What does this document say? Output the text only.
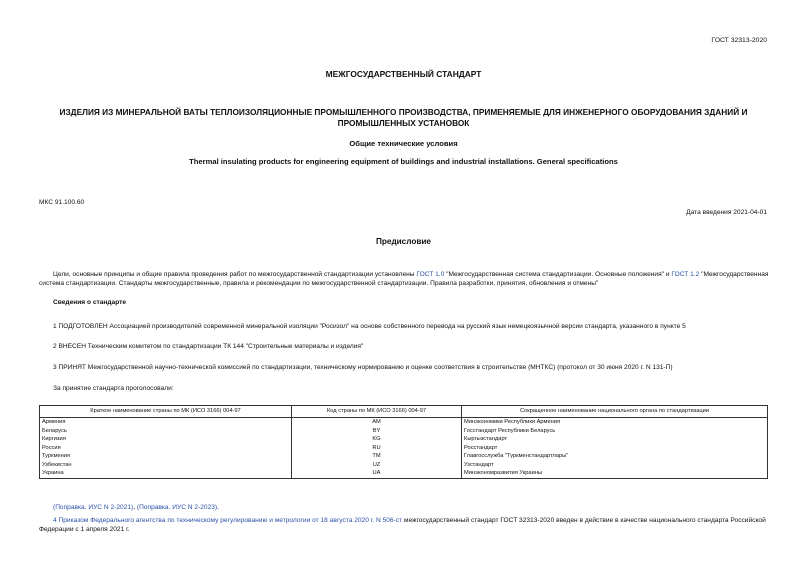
ГОСТ 32313-2020
МЕЖГОСУДАРСТВЕННЫЙ СТАНДАРТ
ИЗДЕЛИЯ ИЗ МИНЕРАЛЬНОЙ ВАТЫ ТЕПЛОИЗОЛЯЦИОННЫЕ ПРОМЫШЛЕННОГО ПРОИЗВОДСТВА, ПРИМЕНЯЕМЫЕ ДЛЯ ИНЖЕНЕРНОГО ОБОРУДОВАНИЯ ЗДАНИЙ И ПРОМЫШЛЕННЫХ УСТАНОВОК
Общие технические условия
Thermal insulating products for engineering equipment of buildings and industrial installations. General specifications
МКС 91.100.60
Дата введения 2021-04-01
Предисловие
Цели, основные принципы и общие правила проведения работ по межгосударственной стандартизации установлены ГОСТ 1.0 "Межгосударственная система стандартизации. Основные положения" и ГОСТ 1.2 "Межгосударственная система стандартизации. Стандарты межгосударственные, правила и рекомендации по межгосударственной стандартизации. Правила разработки, принятия, обновления и отмены"
Сведения о стандарте
1 ПОДГОТОВЛЕН Ассоциацией производителей современной минеральной изоляции "Росизол" на основе собственного перевода на русский язык немецкоязычной версии стандарта, указанного в пункте 5
2 ВНЕСЕН Техническим комитетом по стандартизации ТК 144 "Строительные материалы и изделия"
3 ПРИНЯТ Межгосударственной научно-технической комиссией по стандартизации, техническому нормированию и оценке соответствия в строительстве (МНТКС) (протокол от 30 июня 2020 г. N 131-П)
За принятие стандарта проголосовали:
Краткое наименование страны по МК (ИСО 3166) 004-97	Код страны по МК (ИСО 3166) 004-97	Сокращенное наименование национального органа по стандартизации
Армения	AM	Минэкономики Республики Армения
Беларусь	BY	Госстандарт Республики Беларусь
Киргизия	KG	Кыргызстандарт
Россия	RU	Росстандарт
Туркмения	TM	Главгосслужба "Туркменстандартлары"
Узбекистан	UZ	Узстандарт
Украина	UA	Минэкономразвития Украины
(Поправка. ИУС N 2-2021), (Поправка. ИУС N 2-2023).
4 Приказом Федерального агентства по техническому регулированию и метрологии от 18 августа 2020 г. N 506-ст межгосударственный стандарт ГОСТ 32313-2020 введен в действие в качестве национального стандарта Российской Федерации с 1 апреля 2021 г.
